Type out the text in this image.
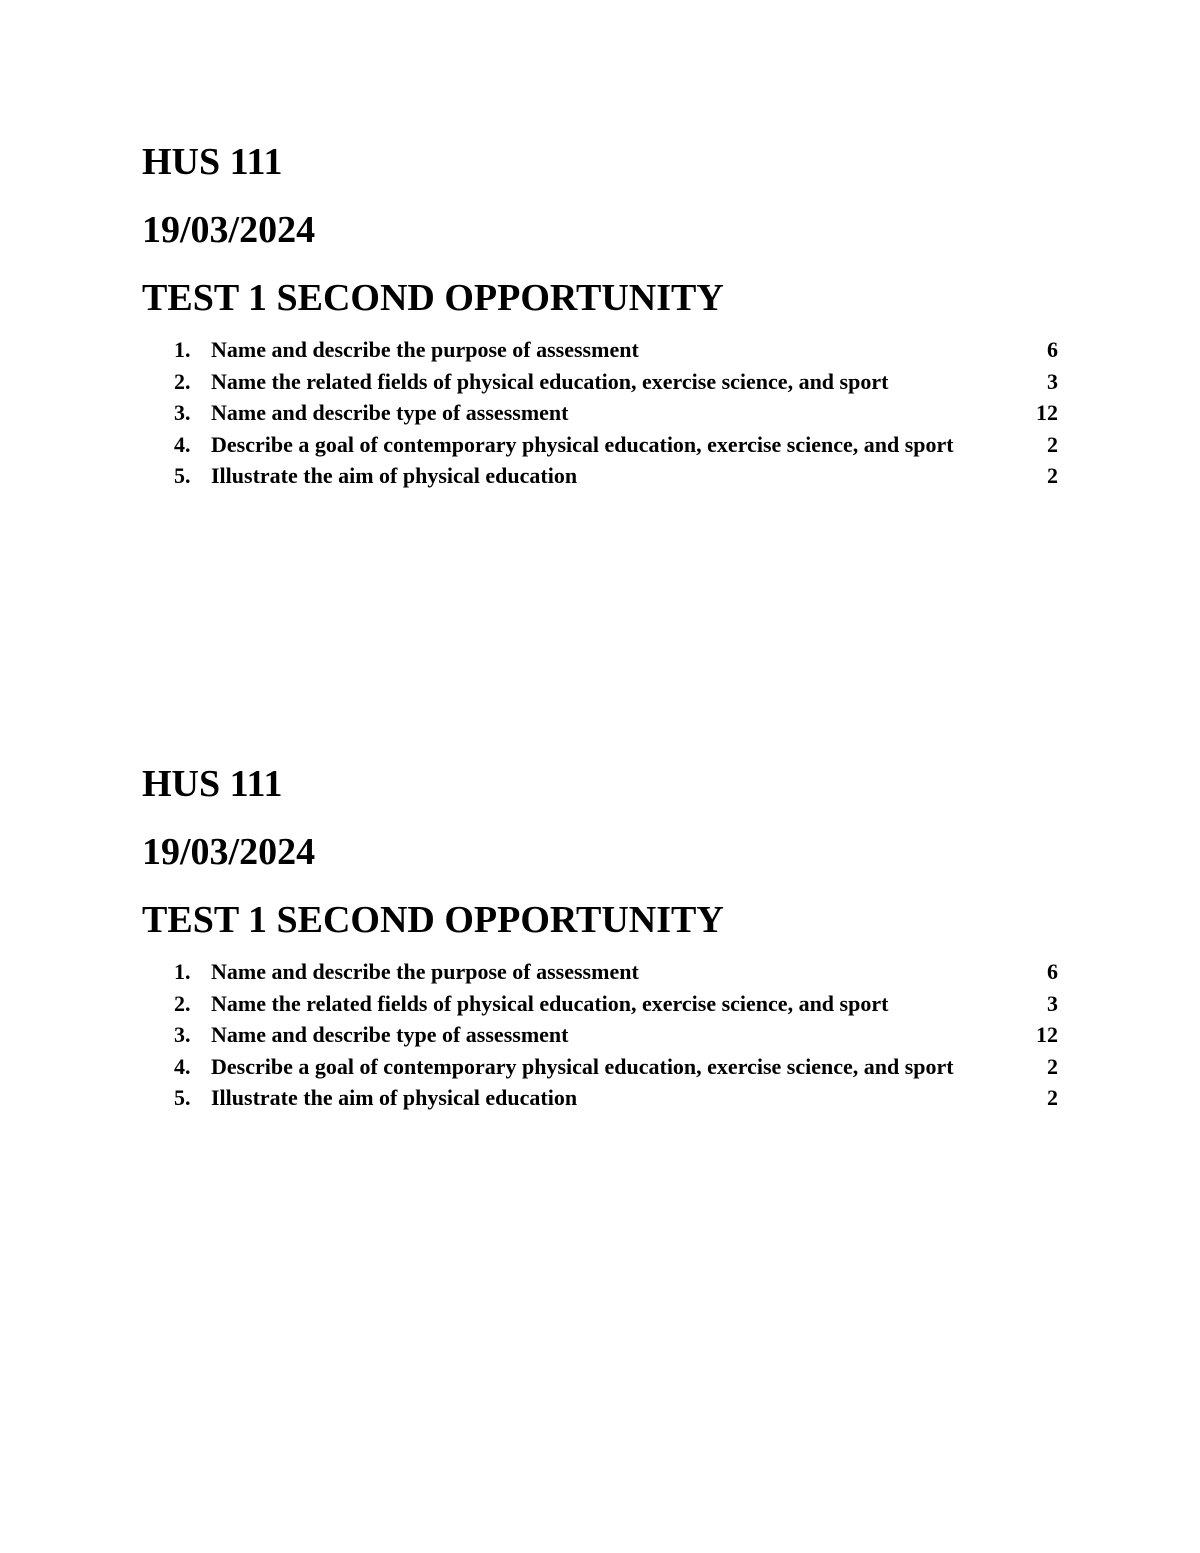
HUS 111
19/03/2024
TEST 1 SECOND OPPORTUNITY
1. Name and describe the purpose of assessment	6
2. Name the related fields of physical education, exercise science, and sport	3
3. Name and describe type of assessment	12
4. Describe a goal of contemporary physical education, exercise science, and sport	2
5. Illustrate the aim of physical education	2
HUS 111
19/03/2024
TEST 1 SECOND OPPORTUNITY
1. Name and describe the purpose of assessment	6
2. Name the related fields of physical education, exercise science, and sport	3
3. Name and describe type of assessment	12
4. Describe a goal of contemporary physical education, exercise science, and sport	2
5. Illustrate the aim of physical education	2
